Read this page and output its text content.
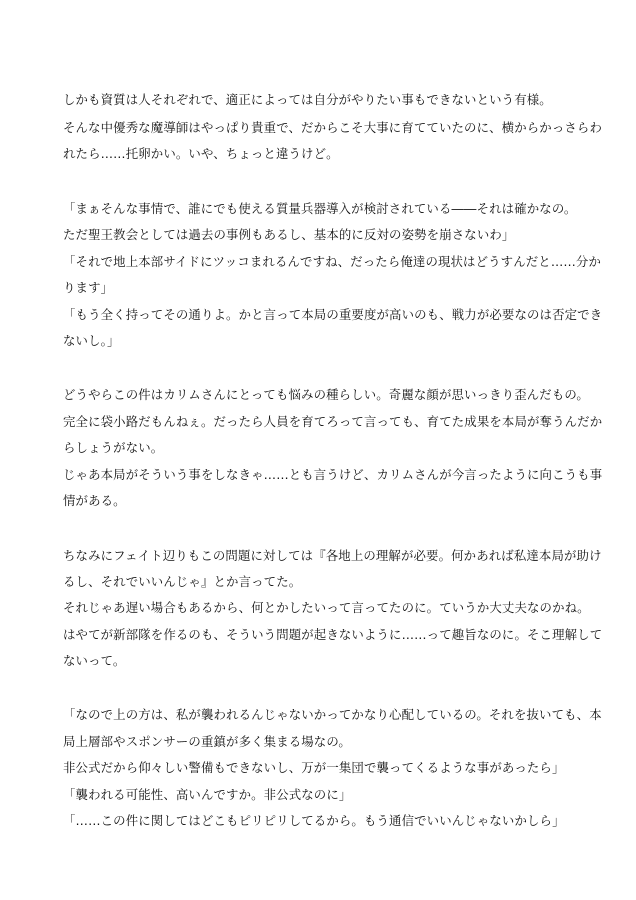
しかも資質は人それぞれで、適正によっては自分がやりたい事もできないという有様。
そんな中優秀な魔導師はやっぱり貴重で、だからこそ大事に育てていたのに、横からかっさらわ
れたら……托卵かい。いや、ちょっと違うけど。
「まぁそんな事情で、誰にでも使える質量兵器導入が検討されている――それは確かなの。
ただ聖王教会としては過去の事例もあるし、基本的に反対の姿勢を崩さないわ」
「それで地上本部サイドにツッコまれるんですね、だったら俺達の現状はどうすんだと……分か
ります」
「もう全く持ってその通りよ。かと言って本局の重要度が高いのも、戦力が必要なのは否定でき
ないし。」
どうやらこの件はカリムさんにとっても悩みの種らしい。奇麗な顔が思いっきり歪んだもの。
完全に袋小路だもんねぇ。だったら人員を育てろって言っても、育てた成果を本局が奪うんだか
らしょうがない。
じゃあ本局がそういう事をしなきゃ……とも言うけど、カリムさんが今言ったように向こうも事
情がある。
ちなみにフェイト辺りもこの問題に対しては『各地上の理解が必要。何かあれば私達本局が助け
るし、それでいいんじゃ』とか言ってた。
それじゃあ遅い場合もあるから、何とかしたいって言ってたのに。ていうか大丈夫なのかね。
はやてが新部隊を作るのも、そういう問題が起きないように……って趣旨なのに。そこ理解して
ないって。
「なので上の方は、私が襲われるんじゃないかってかなり心配しているの。それを抜いても、本
局上層部やスポンサーの重鎮が多く集まる場なの。
非公式だから仰々しい警備もできないし、万が一集団で襲ってくるような事があったら」
「襲われる可能性、高いんですか。非公式なのに」
「……この件に関してはどこもピリピリしてるから。もう通信でいいんじゃないかしら」
